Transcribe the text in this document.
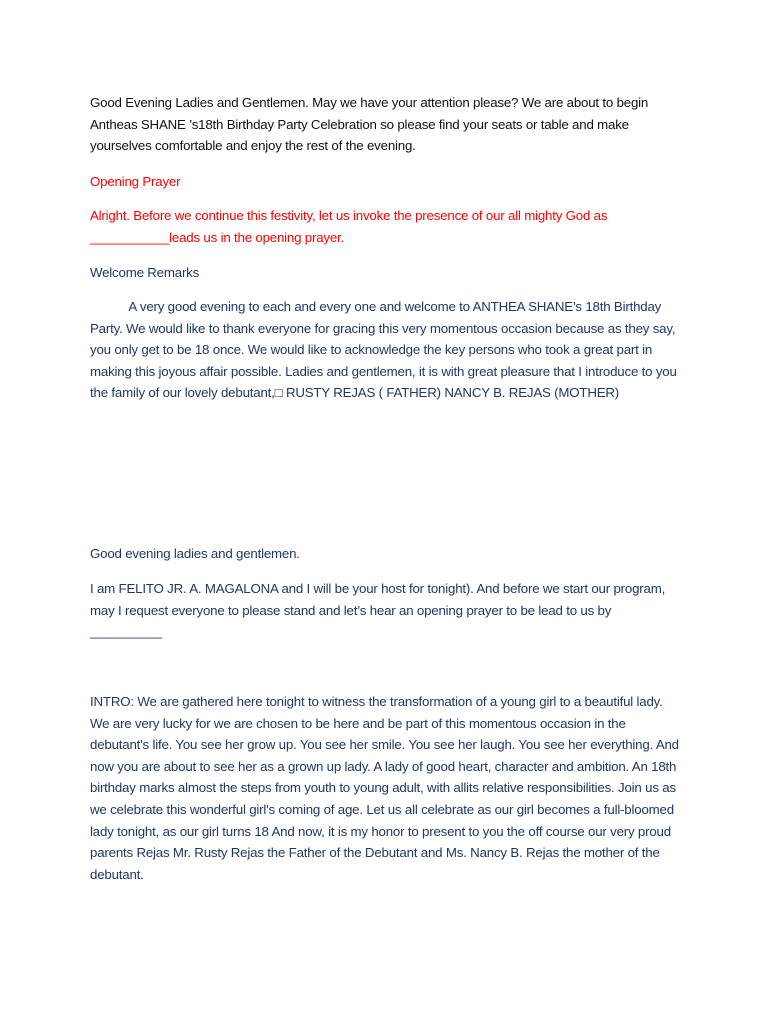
Good Evening Ladies and Gentlemen. May we have your attention please? We are about to begin Antheas SHANE ’s18th Birthday Party Celebration so please find your seats or table and make yourselves comfortable and enjoy the rest of the evening.

Opening Prayer

Alright. Before we continue this festivity, let us invoke the presence of our all mighty God as ___________leads us in the opening prayer.

Welcome Remarks

A very good evening to each and every one and welcome to ANTHEA SHANE’s 18th Birthday Party. We would like to thank everyone for gracing this very momentous occasion because as they say, you only get to be 18 once. We would like to acknowledge the key persons who took a great part in making this joyous affair possible. Ladies and gentlemen, it is with great pleasure that I introduce to you the family of our lovely debutant,□ RUSTY REJAS ( FATHER) NANCY B. REJAS (MOTHER)

Good evening ladies and gentlemen.

I am FELITO JR. A. MAGALONA and I will be your host for tonight). And before we start our program, may I request everyone to please stand and let’s hear an opening prayer to be lead to us by __________

INTRO: We are gathered here tonight to witness the transformation of a young girl to a beautiful lady. We are very lucky for we are chosen to be here and be part of this momentous occasion in the debutant's life. You see her grow up. You see her smile. You see her laugh. You see her everything. And now you are about to see her as a grown up lady. A lady of good heart, character and ambition. An 18th birthday marks almost the steps from youth to young adult, with allits relative responsibilities. Join us as we celebrate this wonderful girl's coming of age. Let us all celebrate as our girl becomes a full-bloomed lady tonight, as our girl turns 18 And now, it is my honor to present to you the off course our very proud parents Rejas Mr. Rusty Rejas the Father of the Debutant and Ms. Nancy B. Rejas the mother of the debutant.
